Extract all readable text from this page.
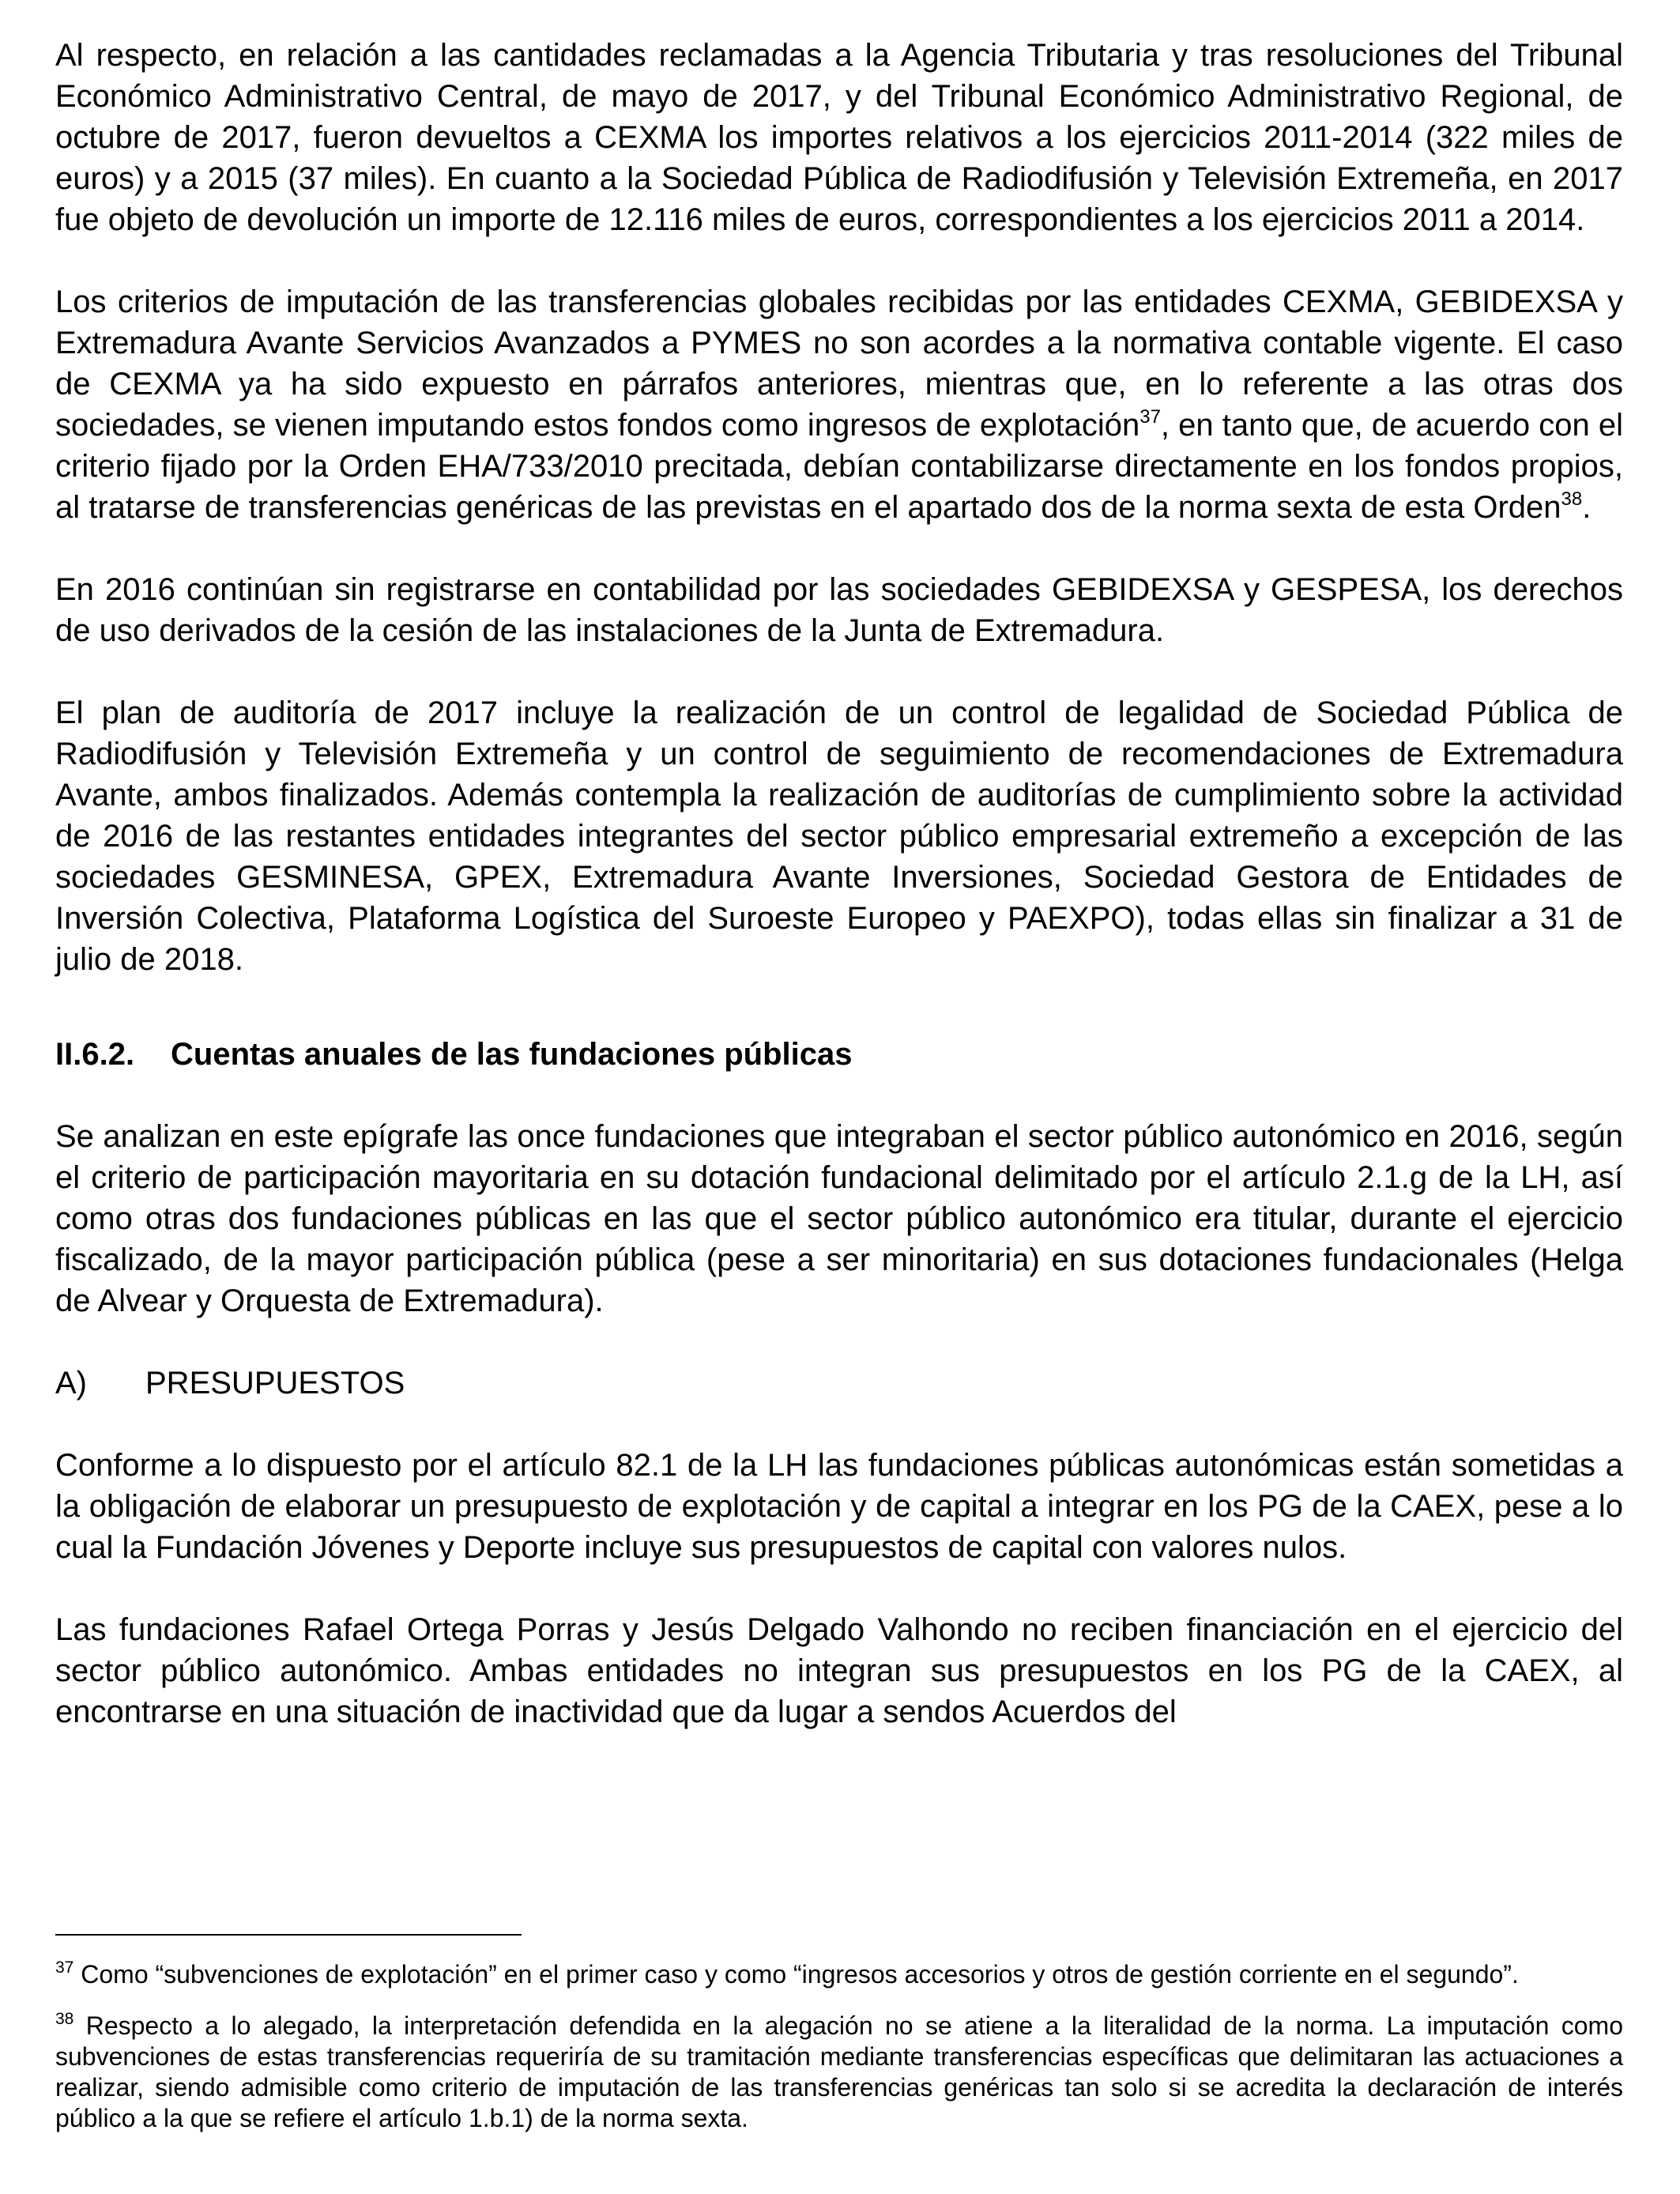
Al respecto, en relación a las cantidades reclamadas a la Agencia Tributaria y tras resoluciones del Tribunal Económico Administrativo Central, de mayo de 2017, y del Tribunal Económico Administrativo Regional, de octubre de 2017, fueron devueltos a CEXMA los importes relativos a los ejercicios 2011-2014 (322 miles de euros) y a 2015 (37 miles). En cuanto a la Sociedad Pública de Radiodifusión y Televisión Extremeña, en 2017 fue objeto de devolución un importe de 12.116 miles de euros, correspondientes a los ejercicios 2011 a 2014.

Los criterios de imputación de las transferencias globales recibidas por las entidades CEXMA, GEBIDEXSA y Extremadura Avante Servicios Avanzados a PYMES no son acordes a la normativa contable vigente. El caso de CEXMA ya ha sido expuesto en párrafos anteriores, mientras que, en lo referente a las otras dos sociedades, se vienen imputando estos fondos como ingresos de explotación$^{37}$, en tanto que, de acuerdo con el criterio fijado por la Orden EHA/733/2010 precitada, debían contabilizarse directamente en los fondos propios, al tratarse de transferencias genéricas de las previstas en el apartado dos de la norma sexta de esta Orden$^{38}$.

En 2016 continúan sin registrarse en contabilidad por las sociedades GEBIDEXSA y GESPESA, los derechos de uso derivados de la cesión de las instalaciones de la Junta de Extremadura.

El plan de auditoría de 2017 incluye la realización de un control de legalidad de Sociedad Pública de Radiodifusión y Televisión Extremeña y un control de seguimiento de recomendaciones de Extremadura Avante, ambos finalizados. Además contempla la realización de auditorías de cumplimiento sobre la actividad de 2016 de las restantes entidades integrantes del sector público empresarial extremeño a excepción de las sociedades GESMINESA, GPEX, Extremadura Avante Inversiones, Sociedad Gestora de Entidades de Inversión Colectiva, Plataforma Logística del Suroeste Europeo y PAEXPO), todas ellas sin finalizar a 31 de julio de 2018.

II.6.2.	Cuentas anuales de las fundaciones públicas

Se analizan en este epígrafe las once fundaciones que integraban el sector público autonómico en 2016, según el criterio de participación mayoritaria en su dotación fundacional delimitado por el artículo 2.1.g de la LH, así como otras dos fundaciones públicas en las que el sector público autonómico era titular, durante el ejercicio fiscalizado, de la mayor participación pública (pese a ser minoritaria) en sus dotaciones fundacionales (Helga de Alvear y Orquesta de Extremadura).

A)	PRESUPUESTOS

Conforme a lo dispuesto por el artículo 82.1 de la LH las fundaciones públicas autonómicas están sometidas a la obligación de elaborar un presupuesto de explotación y de capital a integrar en los PG de la CAEX, pese a lo cual la Fundación Jóvenes y Deporte incluye sus presupuestos de capital con valores nulos.

Las fundaciones Rafael Ortega Porras y Jesús Delgado Valhondo no reciben financiación en el ejercicio del sector público autonómico. Ambas entidades no integran sus presupuestos en los PG de la CAEX, al encontrarse en una situación de inactividad que da lugar a sendos Acuerdos del

$^{37}$ Como “subvenciones de explotación” en el primer caso y como “ingresos accesorios y otros de gestión corriente en el segundo”.

$^{38}$ Respecto a lo alegado, la interpretación defendida en la alegación no se atiene a la literalidad de la norma. La imputación como subvenciones de estas transferencias requeriría de su tramitación mediante transferencias específicas que delimitaran las actuaciones a realizar, siendo admisible como criterio de imputación de las transferencias genéricas tan solo si se acredita la declaración de interés público a la que se refiere el artículo 1.b.1) de la norma sexta.
